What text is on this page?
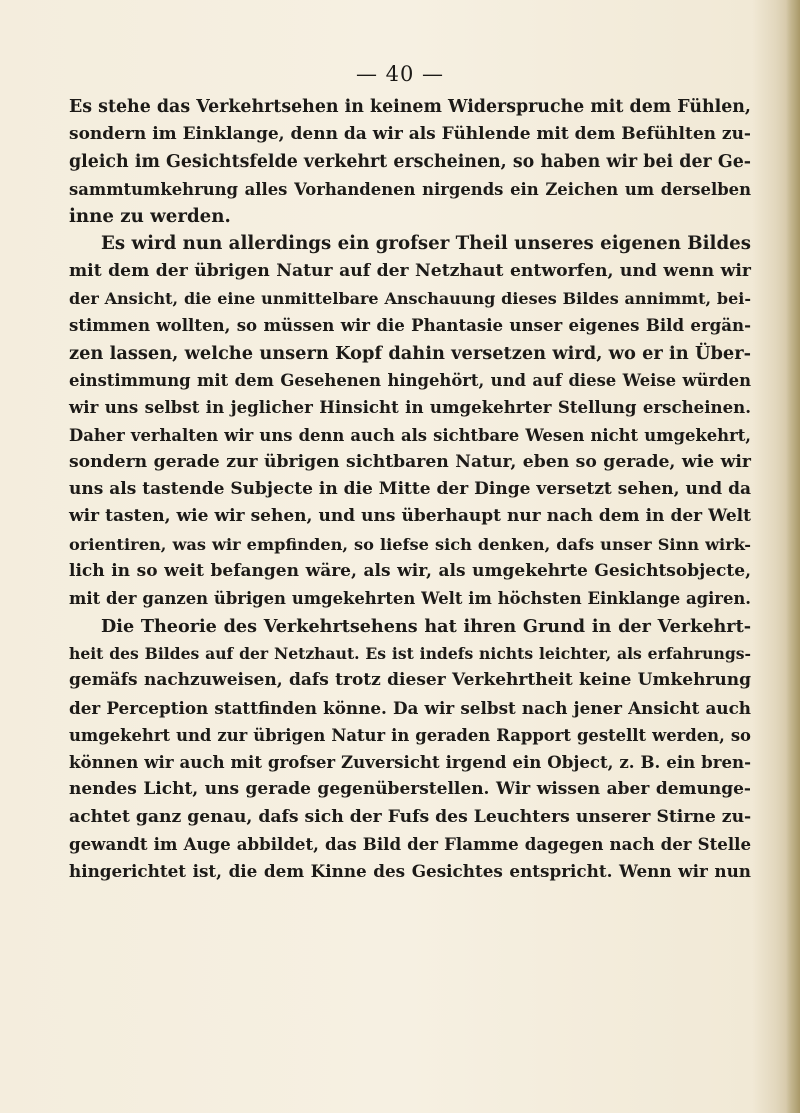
— 40 —
Es stehe das Verkehrtsehen in keinem Widerspruche mit dem Fühlen,
sondern im Einklange, denn da wir als Fühlende mit dem Befühlten zu-
gleich im Gesichtsfelde verkehrt erscheinen, so haben wir bei der Ge-
sammtumkehrung alles Vorhandenen nirgends ein Zeichen um derselben
inne zu werden.
Es wird nun allerdings ein grofser Theil unseres eigenen Bildes
mit dem der übrigen Natur auf der Netzhaut entworfen, und wenn wir
der Ansicht, die eine unmittelbare Anschauung dieses Bildes annimmt, bei-
stimmen wollten, so müssen wir die Phantasie unser eigenes Bild ergän-
zen lassen, welche unsern Kopf dahin versetzen wird, wo er in Über-
einstimmung mit dem Gesehenen hingehört, und auf diese Weise würden
wir uns selbst in jeglicher Hinsicht in umgekehrter Stellung erscheinen.
Daher verhalten wir uns denn auch als sichtbare Wesen nicht umgekehrt,
sondern gerade zur übrigen sichtbaren Natur, eben so gerade, wie wir
uns als tastende Subjecte in die Mitte der Dinge versetzt sehen, und da
wir tasten, wie wir sehen, und uns überhaupt nur nach dem in der Welt
orientiren, was wir empfinden, so liefse sich denken, dafs unser Sinn wirk-
lich in so weit befangen wäre, als wir, als umgekehrte Gesichtsobjecte,
mit der ganzen übrigen umgekehrten Welt im höchsten Einklange agiren.
Die Theorie des Verkehrtsehens hat ihren Grund in der Verkehrt-
heit des Bildes auf der Netzhaut. Es ist indefs nichts leichter, als erfahrungs-
gemäfs nachzuweisen, dafs trotz dieser Verkehrtheit keine Umkehrung
der Perception stattfinden könne. Da wir selbst nach jener Ansicht auch
umgekehrt und zur übrigen Natur in geraden Rapport gestellt werden, so
können wir auch mit grofser Zuversicht irgend ein Object, z. B. ein bren-
nendes Licht, uns gerade gegenüberstellen. Wir wissen aber demunge-
achtet ganz genau, dafs sich der Fufs des Leuchters unserer Stirne zu-
gewandt im Auge abbildet, das Bild der Flamme dagegen nach der Stelle
hingerichtet ist, die dem Kinne des Gesichtes entspricht. Wenn wir nun
